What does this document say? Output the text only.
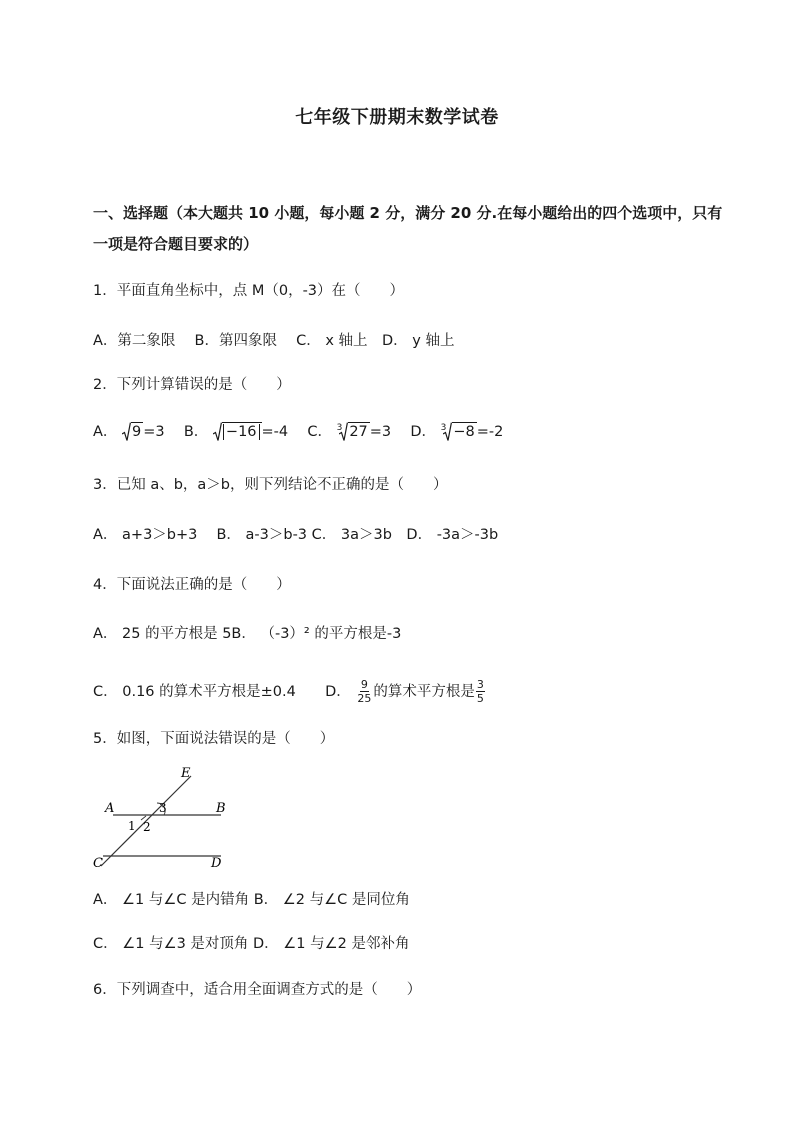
七年级下册期末数学试卷
一、选择题（本大题共 10 小题，每小题 2 分，满分 20 分.在每小题给出的四个选项中，只有一项是符合题目要求的）
1．平面直角坐标中，点 M（0，-3）在（　　）
A．第二象限　 B．第四象限　 C． x 轴上　D． y 轴上
2．下列计算错误的是（　　）
A． 9 =3 B． −16 =-4 C． 3 27 =3 D． 3 −8 =-2
3．已知 a、b，a＞b，则下列结论不正确的是（　　）
A． a+3＞b+3　 B． a-3＞b-3 C． 3a＞3b　D． -3a＞-3b
4．下面说法正确的是（　　）
A． 25 的平方根是 5B． （-3）² 的平方根是-3
C． 0.16 的算术平方根是±0.4 D． $\frac{9}{25}$ 的算术平方根是 $\frac{3}{5}$
5．如图，下面说法错误的是（　　）
E
A	B
C	D
1 2
3
A． ∠1 与∠C 是内错角 B． ∠2 与∠C 是同位角
C． ∠1 与∠3 是对顶角 D． ∠1 与∠2 是邻补角
6．下列调查中，适合用全面调查方式的是（　　）
